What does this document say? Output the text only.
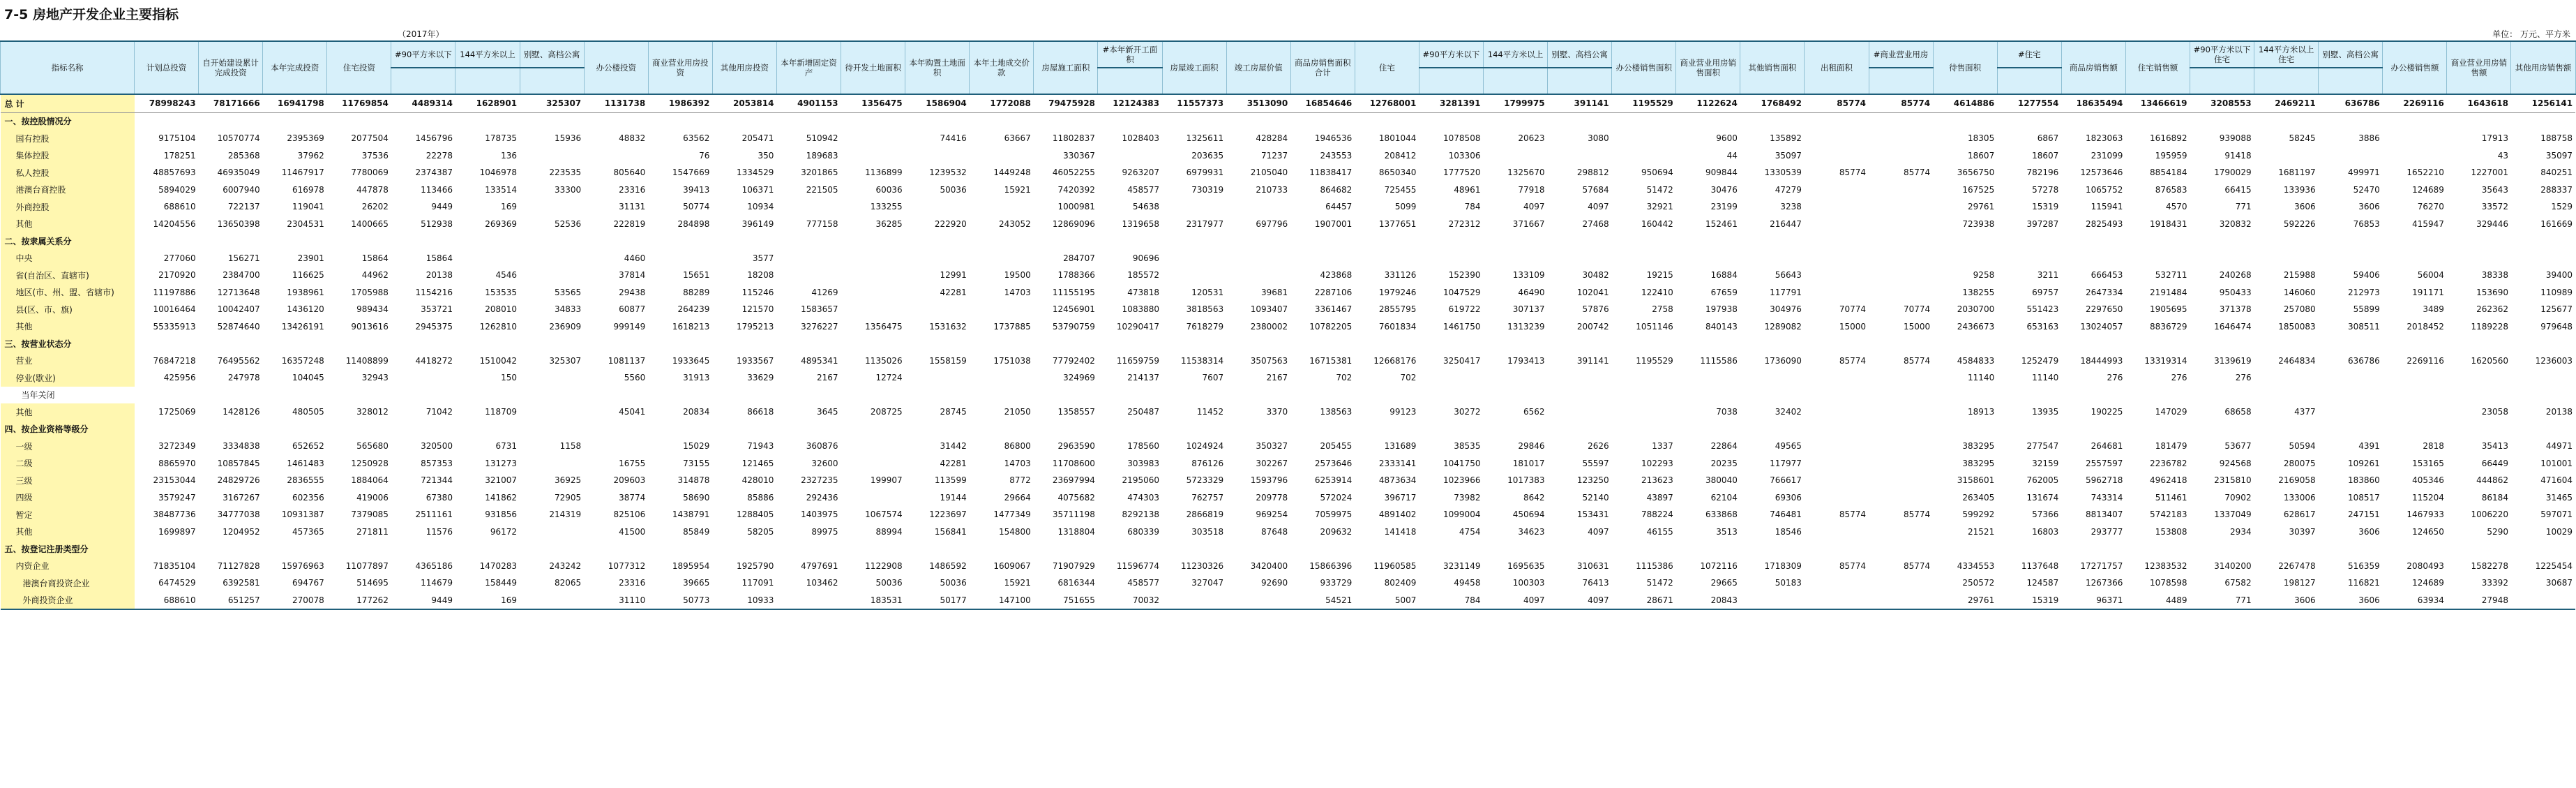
7-5 房地产开发企业主要指标
（2017年）	单位： 万元、平方米
指标名称	计划总投资	自开始建设累计完成投资	本年完成投资	住宅投资	#90平方米以下	144平方米以上	别墅、高档公寓	办公楼投资	商业营业用房投资	其他用房投资	本年新增固定资产	待开发土地面积	本年购置土地面积	本年土地成交价款	房屋施工面积	#本年新开工面积	房屋竣工面积	竣工房屋价值	商品房销售面积合计	住宅	#90平方米以下	144平方米以上	别墅、高档公寓	办公楼销售面积	商业营业用房销售面积	其他销售面积	出租面积	#商业营业用房	待售面积	#住宅	商品房销售额	住宅销售额	#90平方米以下住宅	144平方米以上住宅	别墅、高档公寓	办公楼销售额	商业营业用房销售额	其他用房销售额	

总 计	78998243	78171666	16941798	11769854	4489314	1628901	325307	1131738	1986392	2053814	4901153	1356475	1586904	1772088	79475928	12124383	11557373	3513090	16854646	12768001	3281391	1799975	391141	1195529	1122624	1768492	85774	85774	4614886	1277554	18635494	13466619	3208553	2469211	636786	2269116	1643618	1256141	
一、按控股情况分																																							
国有控股	9175104	10570774	2395369	2077504	1456796	178735	15936	48832	63562	205471	510942		74416	63667	11802837	1028403	1325611	428284	1946536	1801044	1078508	20623	3080		9600	135892			18305	6867	1823063	1616892	939088	58245	3886		17913	188758	
集体控股	178251	285368	37962	37536	22278	136			76	350	189683				330367		203635	71237	243553	208412	103306				44	35097			18607	18607	231099	195959	91418				43	35097	
私人控股	48857693	46935049	11467917	7780069	2374387	1046978	223535	805640	1547669	1334529	3201865	1136899	1239532	1449248	46052255	9263207	6979931	2105040	11838417	8650340	1777520	1325670	298812	950694	909844	1330539	85774	85774	3656750	782196	12573646	8854184	1790029	1681197	499971	1652210	1227001	840251	
港澳台商控股	5894029	6007940	616978	447878	113466	133514	33300	23316	39413	106371	221505	60036	50036	15921	7420392	458577	730319	210733	864682	725455	48961	77918	57684	51472	30476	47279			167525	57278	1065752	876583	66415	133936	52470	124689	35643	288337	
外商控股	688610	722137	119041	26202	9449	169		31131	50774	10934		133255			1000981	54638			64457	5099	784	4097	4097	32921	23199	3238			29761	15319	115941	4570	771	3606	3606	76270	33572	1529	
其他	14204556	13650398	2304531	1400665	512938	269369	52536	222819	284898	396149	777158	36285	222920	243052	12869096	1319658	2317977	697796	1907001	1377651	272312	371667	27468	160442	152461	216447			723938	397287	2825493	1918431	320832	592226	76853	415947	329446	161669	
二、按隶属关系分																																							
中央	277060	156271	23901	15864	15864			4460		3577					284707	90696																							
省(自治区、直辖市)	2170920	2384700	116625	44962	20138	4546		37814	15651	18208			12991	19500	1788366	185572			423868	331126	152390	133109	30482	19215	16884	56643			9258	3211	666453	532711	240268	215988	59406	56004	38338	39400	
地区(市、州、盟、省辖市)	11197886	12713648	1938961	1705988	1154216	153535	53565	29438	88289	115246	41269		42281	14703	11155195	473818	120531	39681	2287106	1979246	1047529	46490	102041	122410	67659	117791			138255	69757	2647334	2191484	950433	146060	212973	191171	153690	110989	
县(区、市、旗)	10016464	10042407	1436120	989434	353721	208010	34833	60877	264239	121570	1583657				12456901	1083880	3818563	1093407	3361467	2855795	619722	307137	57876	2758	197938	304976	70774	70774	2030700	551423	2297650	1905695	371378	257080	55899	3489	262362	125677	
其他	55335913	52874640	13426191	9013616	2945375	1262810	236909	999149	1618213	1795213	3276227	1356475	1531632	1737885	53790759	10290417	7618279	2380002	10782205	7601834	1461750	1313239	200742	1051146	840143	1289082	15000	15000	2436673	653163	13024057	8836729	1646474	1850083	308511	2018452	1189228	979648	
三、按营业状态分																																							
营业	76847218	76495562	16357248	11408899	4418272	1510042	325307	1081137	1933645	1933567	4895341	1135026	1558159	1751038	77792402	11659759	11538314	3507563	16715381	12668176	3250417	1793413	391141	1195529	1115586	1736090	85774	85774	4584833	1252479	18444993	13319314	3139619	2464834	636786	2269116	1620560	1236003	
停业(歇业)	425956	247978	104045	32943		150		5560	31913	33629	2167	12724			324969	214137	7607	2167	702	702									11140	11140	276	276	276						
当年关闭																																							
其他	1725069	1428126	480505	328012	71042	118709		45041	20834	86618	3645	208725	28745	21050	1358557	250487	11452	3370	138563	99123	30272	6562			7038	32402			18913	13935	190225	147029	68658	4377			23058	20138	
四、按企业资格等级分																																							
一级	3272349	3334838	652652	565680	320500	6731	1158		15029	71943	360876		31442	86800	2963590	178560	1024924	350327	205455	131689	38535	29846	2626	1337	22864	49565			383295	277547	264681	181479	53677	50594	4391	2818	35413	44971	
二级	8865970	10857845	1461483	1250928	857353	131273		16755	73155	121465	32600		42281	14703	11708600	303983	876126	302267	2573646	2333141	1041750	181017	55597	102293	20235	117977			383295	32159	2557597	2236782	924568	280075	109261	153165	66449	101001	
三级	23153044	24829726	2836555	1884064	721344	321007	36925	209603	314878	428010	2327235	199907	113599	8772	23697994	2195060	5723329	1593796	6253914	4873634	1023966	1017383	123250	213623	380040	766617			3158601	762005	5962718	4962418	2315810	2169058	183860	405346	444862	471604	
四级	3579247	3167267	602356	419006	67380	141862	72905	38774	58690	85886	292436		19144	29664	4075682	474303	762757	209778	572024	396717	73982	8642	52140	43897	62104	69306			263405	131674	743314	511461	70902	133006	108517	115204	86184	31465	
暂定	38487736	34777038	10931387	7379085	2511161	931856	214319	825106	1438791	1288405	1403975	1067574	1223697	1477349	35711198	8292138	2866819	969254	7059975	4891402	1099004	450694	153431	788224	633868	746481	85774	85774	599292	57366	8813407	5742183	1337049	628617	247151	1467933	1006220	597071	
其他	1699897	1204952	457365	271811	11576	96172		41500	85849	58205	89975	88994	156841	154800	1318804	680339	303518	87648	209632	141418	4754	34623	4097	46155	3513	18546			21521	16803	293777	153808	2934	30397	3606	124650	5290	10029	
五、按登记注册类型分																																							
内资企业	71835104	71127828	15976963	11077897	4365186	1470283	243242	1077312	1895954	1925790	4797691	1122908	1486592	1609067	71907929	11596774	11230326	3420400	15866396	11960585	3231149	1695635	310631	1115386	1072116	1718309	85774	85774	4334553	1137648	17271757	12383532	3140200	2267478	516359	2080493	1582278	1225454	
港澳台商投资企业	6474529	6392581	694767	514695	114679	158449	82065	23316	39665	117091	103462	50036	50036	15921	6816344	458577	327047	92690	933729	802409	49458	100303	76413	51472	29665	50183			250572	124587	1267366	1078598	67582	198127	116821	124689	33392	30687	
外商投资企业	688610	651257	270078	177262	9449	169		31110	50773	10933		183531	50177	147100	751655	70032			54521	5007	784	4097	4097	28671	20843				29761	15319	96371	4489	771	3606	3606	63934	27948		
